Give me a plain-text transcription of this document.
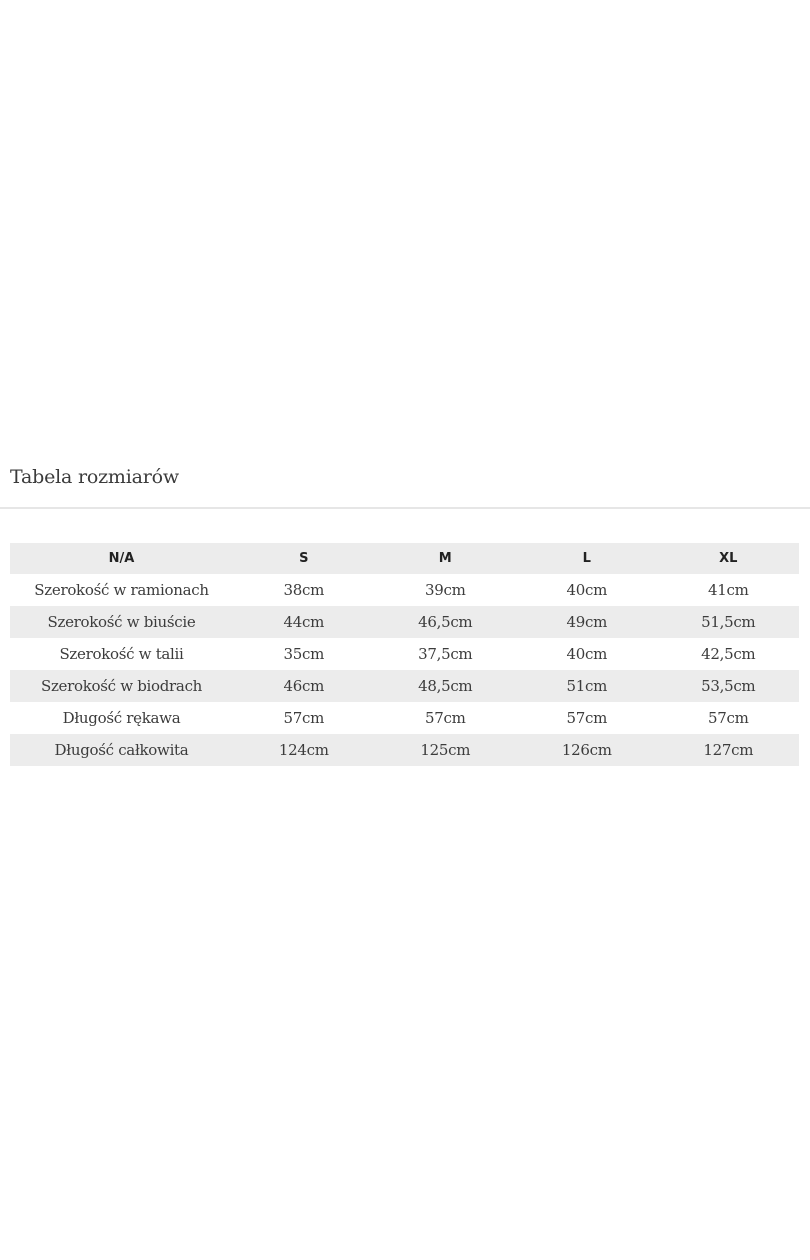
Tabela rozmiarów
N/A	S	M	L	XL
Szerokość w ramionach	38cm	39cm	40cm	41cm
Szerokość w biuście	44cm	46,5cm	49cm	51,5cm
Szerokość w talii	35cm	37,5cm	40cm	42,5cm
Szerokość w biodrach	46cm	48,5cm	51cm	53,5cm
Długość rękawa	57cm	57cm	57cm	57cm
Długość całkowita	124cm	125cm	126cm	127cm
